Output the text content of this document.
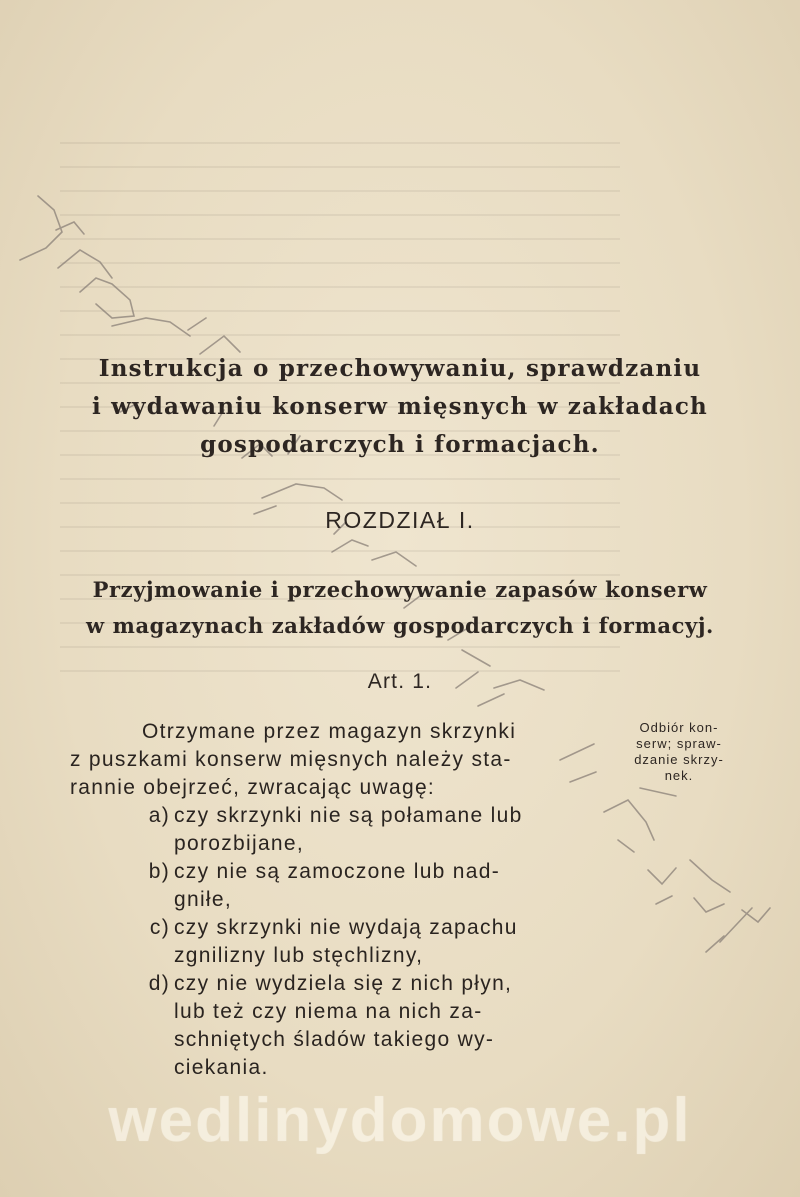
Instrukcja o przechowywaniu, sprawdzaniu
i wydawaniu konserw mięsnych w zakładach
gospodarczych i formacjach.
ROZDZIAŁ I.
Przyjmowanie i przechowywanie zapasów konserw
w magazynach zakładów gospodarczych i formacyj.
Art. 1.
Otrzymane przez magazyn skrzynki
z puszkami konserw mięsnych należy sta-
rannie obejrzeć, zwracając uwagę:
a) czy skrzynki nie są połamane lub
porozbijane,
b) czy nie są zamoczone lub nad-
gniłe,
c) czy skrzynki nie wydają zapachu
zgnilizny lub stęchlizny,
d) czy nie wydziela się z nich płyn,
lub też czy niema na nich za-
schniętych śladów takiego wy-
ciekania.
Odbiór kon-
serw; spraw-
dzanie skrzy-
nek.
wedlinydomowe.pl
